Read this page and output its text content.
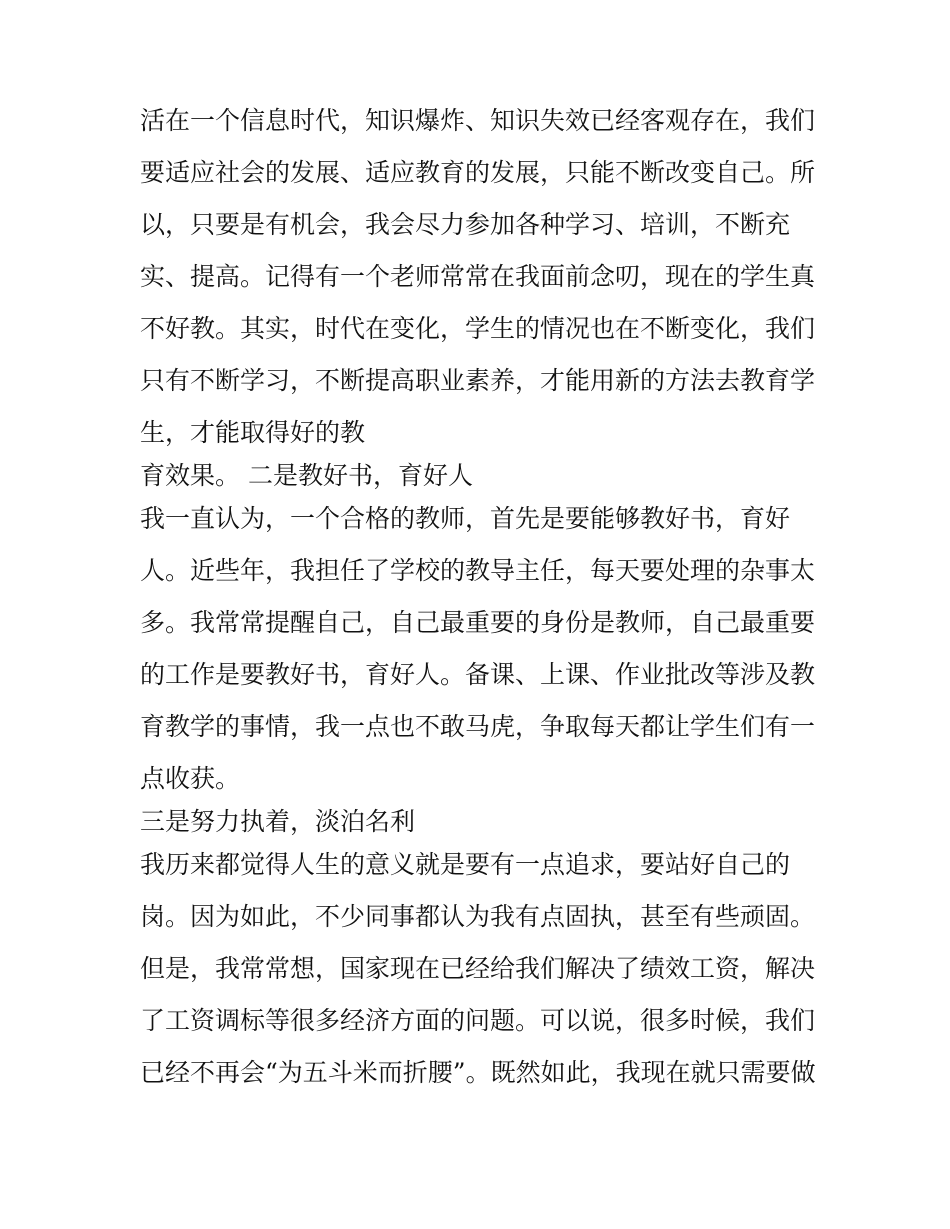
活在一个信息时代，知识爆炸、知识失效已经客观存在，我们

要适应社会的发展、适应教育的发展，只能不断改变自己。所

以，只要是有机会，我会尽力参加各种学习、培训，不断充

实、提高。记得有一个老师常常在我面前念叨，现在的学生真

不好教。其实，时代在变化，学生的情况也在不断变化，我们

只有不断学习，不断提高职业素养，才能用新的方法去教育学

生，才能取得好的教

育效果。 二是教好书，育好人

我一直认为，一个合格的教师，首先是要能够教好书，育好

人。近些年，我担任了学校的教导主任，每天要处理的杂事太

多。我常常提醒自己，自己最重要的身份是教师，自己最重要

的工作是要教好书，育好人。备课、上课、作业批改等涉及教

育教学的事情，我一点也不敢马虎，争取每天都让学生们有一

点收获。

三是努力执着，淡泊名利

我历来都觉得人生的意义就是要有一点追求，要站好自己的

岗。因为如此，不少同事都认为我有点固执，甚至有些顽固。

但是，我常常想，国家现在已经给我们解决了绩效工资，解决

了工资调标等很多经济方面的问题。可以说，很多时候，我们

已经不再会“为五斗米而折腰”。既然如此，我现在就只需要做
